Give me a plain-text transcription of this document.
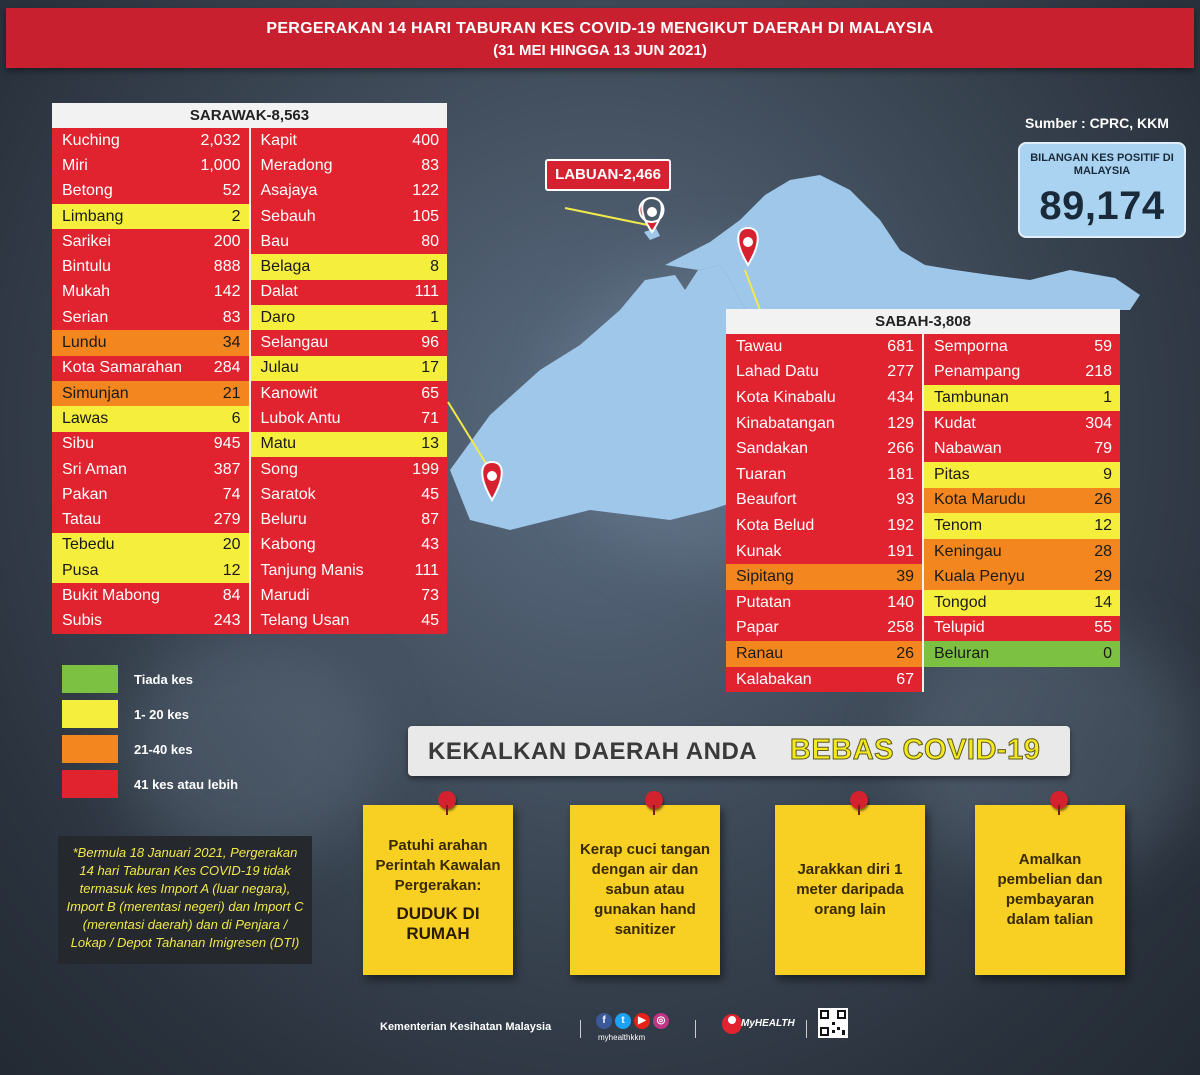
PERGERAKAN 14 HARI TABURAN KES COVID-19 MENGIKUT DAERAH DI MALAYSIA
(31 MEI HINGGA 13 JUN 2021)
LABUAN-2,466
Sumber : CPRC, KKM
BILANGAN KES POSITIF DI MALAYSIA
89,174
SARAWAK-8,563
Kuching	2,032
Miri	1,000
Betong	52
Limbang	2
Sarikei	200
Bintulu	888
Mukah	142
Serian	83
Lundu	34
Kota Samarahan 284
Simunjan	21
Lawas	6
Sibu	945
Sri Aman	387
Pakan	74
Tatau	279
Tebedu	20
Pusa	12
Bukit Mabong	84
Subis	243
Kapit	400
Meradong	83
Asajaya	122
Sebauh	105
Bau	80
Belaga	8
Dalat	111
Daro	1
Selangau	96
Julau	17
Kanowit	65
Lubok Antu	71
Matu	13
Song	199
Saratok	45
Beluru	87
Kabong	43
Tanjung Manis	111
Marudi	73
Telang Usan	45
SABAH-3,808
Tawau	681
Lahad Datu	277
Kota Kinabalu	434
Kinabatangan	129
Sandakan	266
Tuaran	181
Beaufort	93
Kota Belud	192
Kunak	191
Sipitang	39
Putatan	140
Papar	258
Ranau	26
Kalabakan	67
Semporna	59
Penampang	218
Tambunan	1
Kudat	304
Nabawan	79
Pitas	9
Kota Marudu	26
Tenom	12
Keningau	28
Kuala Penyu	29
Tongod	14
Telupid	55
Beluran	0
Tiada kes
1- 20 kes
21-40 kes
41 kes atau lebih
*Bermula 18 Januari 2021, Pergerakan 14 hari Taburan Kes COVID-19 tidak termasuk kes Import A (luar negara), Import B (merentasi negeri) dan Import C (merentasi daerah) dan di Penjara / Lokap / Depot Tahanan Imigresen (DTI)
KEKALKAN DAERAH ANDA BEBAS COVID-19
Patuhi arahan Perintah Kawalan Pergerakan:
DUDUK DI RUMAH
Kerap cuci tangan dengan air dan sabun atau gunakan hand sanitizer
Jarakkan diri 1 meter daripada orang lain
Amalkan pembelian dan pembayaran dalam talian
Kementerian Kesihatan Malaysia
f	t	▶	◎
myhealthkkm
MyHEALTH
